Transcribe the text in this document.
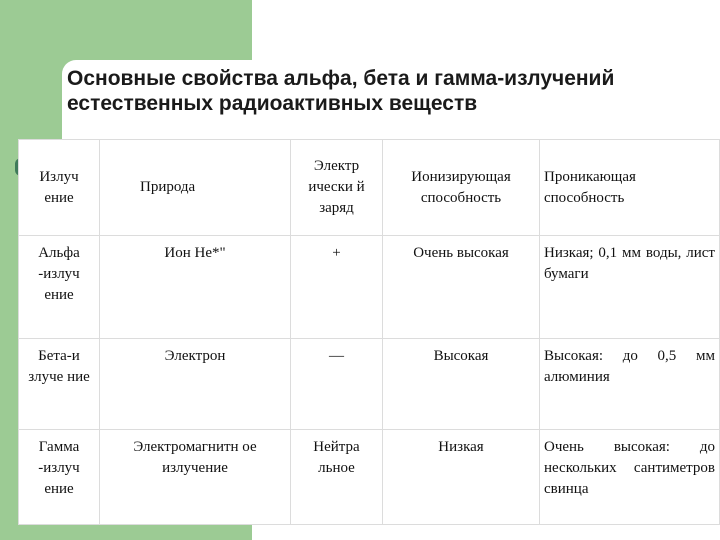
Основные свойства альфа, бета и гамма-излучений естественных радиоактивных веществ
Излуч ение	Природа	Электр ически й заряд	Ионизирующая способность	Проникающая способность
Альфа -излуч ение	Ион Не*"	+	Очень высокая	Низкая; 0,1 мм воды, лист бумаги
Бета-и злуче ние	Электрон	—	Высокая	Высокая: до 0,5 мм алюминия
Гамма -излуч ение	Электромагнитн ое излучение	Нейтра льное	Низкая	Очень высокая: до нескольких сантиметров свинца
